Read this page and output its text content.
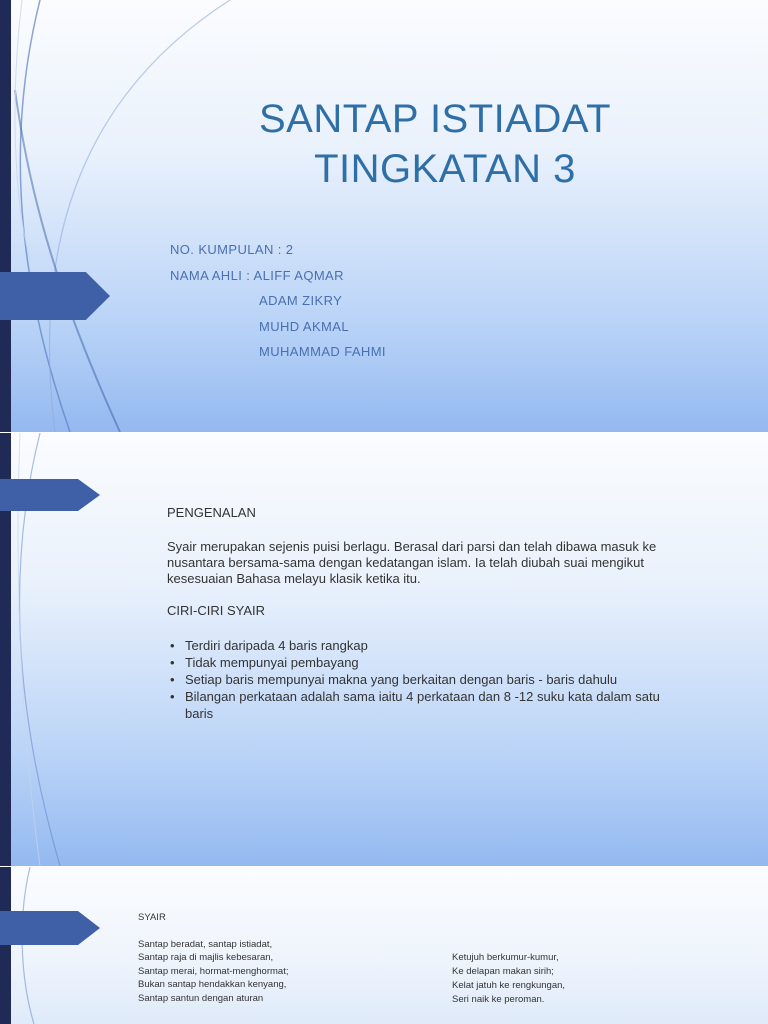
SANTAP ISTIADAT
TINGKATAN 3
NO. KUMPULAN : 2
NAMA AHLI : ALIFF AQMAR
ADAM ZIKRY
MUHD AKMAL
MUHAMMAD FAHMI
PENGENALAN
Syair merupakan sejenis puisi berlagu. Berasal dari parsi dan telah dibawa masuk ke nusantara bersama-sama dengan kedatangan islam. Ia telah diubah suai mengikut kesesuaian Bahasa melayu klasik ketika itu.
CIRI-CIRI SYAIR
• Terdiri daripada 4 baris rangkap
• Tidak mempunyai pembayang
• Setiap baris mempunyai makna yang berkaitan dengan baris - baris dahulu
• Bilangan perkataan adalah sama iaitu 4 perkataan dan 8 -12 suku kata dalam satu baris
SYAIR
Santap beradat, santap istiadat,
Santap raja di majlis kebesaran,
Santap merai, hormat-menghormat;
Bukan santap hendakkan kenyang,
Santap santun dengan aturan
Ketujuh berkumur-kumur,
Ke delapan makan sirih;
Kelat jatuh ke rengkungan,
Seri naik ke peroman.
